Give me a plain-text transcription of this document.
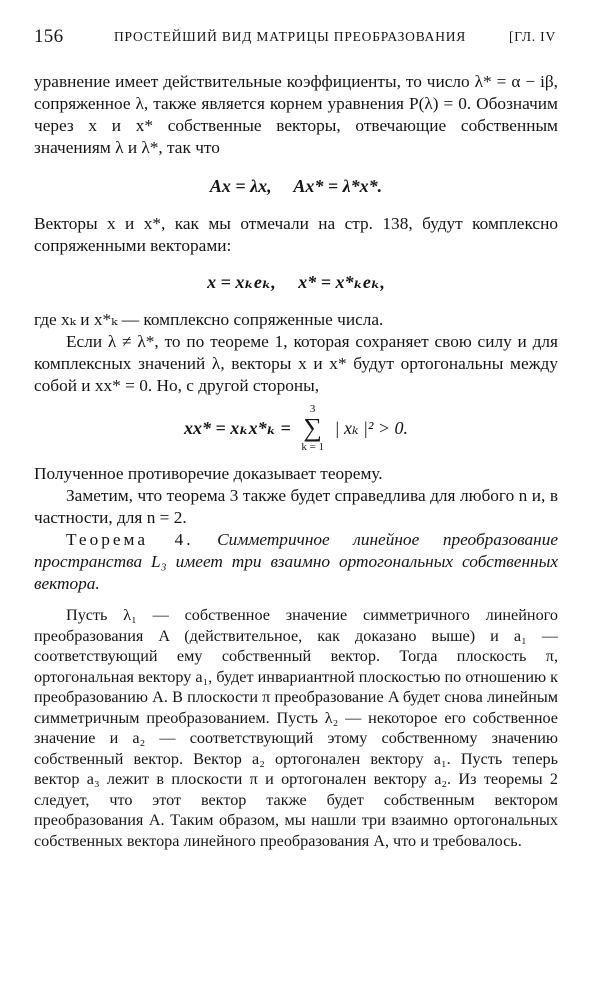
156	ПРОСТЕЙШИЙ ВИД МАТРИЦЫ ПРЕОБРАЗОВАНИЯ	[ГЛ. IV

уравнение имеет действительные коэффициенты, то число λ* = α − iβ, сопряженное λ, также является корнем уравнения P(λ) = 0. Обозначим через x и x* собственные векторы, отвечающие собственным значениям λ и λ*, так что

Ax = λx,     Ax* = λ*x*.

Векторы x и x*, как мы отмечали на стр. 138, будут комплексно сопряженными векторами:

x = xₖeₖ,     x* = x*ₖeₖ,

где xₖ и x*ₖ — комплексно сопряженные числа.

Если λ ≠ λ*, то по теореме 1, которая сохраняет свою силу и для комплексных значений λ, векторы x и x* будут ортогональны между собой и xx* = 0. Но, с другой стороны,

xx* = xₖx*ₖ =
3
∑
k = 1
| xₖ |² > 0.

Полученное противоречие доказывает теорему.

Заметим, что теорема 3 также будет справедлива для любого n и, в частности, для n = 2.

Теорема 4. Симметричное линейное преобразование пространства L₃ имеет три взаимно ортогональных собственных вектора.

Пусть λ₁ — собственное значение симметричного линейного преобразования A (действительное, как доказано выше) и a₁ — соответствующий ему собственный вектор. Тогда плоскость π, ортогональная вектору a₁, будет инвариантной плоскостью по отношению к преобразованию A. В плоскости π преобразование A будет снова линейным симметричным преобразованием. Пусть λ₂ — некоторое его собственное значение и a₂ — соответствующий этому собственному значению собственный вектор. Вектор a₂ ортогонален вектору a₁. Пусть теперь вектор a₃ лежит в плоскости π и ортогонален вектору a₂. Из теоремы 2 следует, что этот вектор также будет собственным вектором преобразования A. Таким образом, мы нашли три взаимно ортогональных собственных вектора линейного преобразования A, что и требовалось.
